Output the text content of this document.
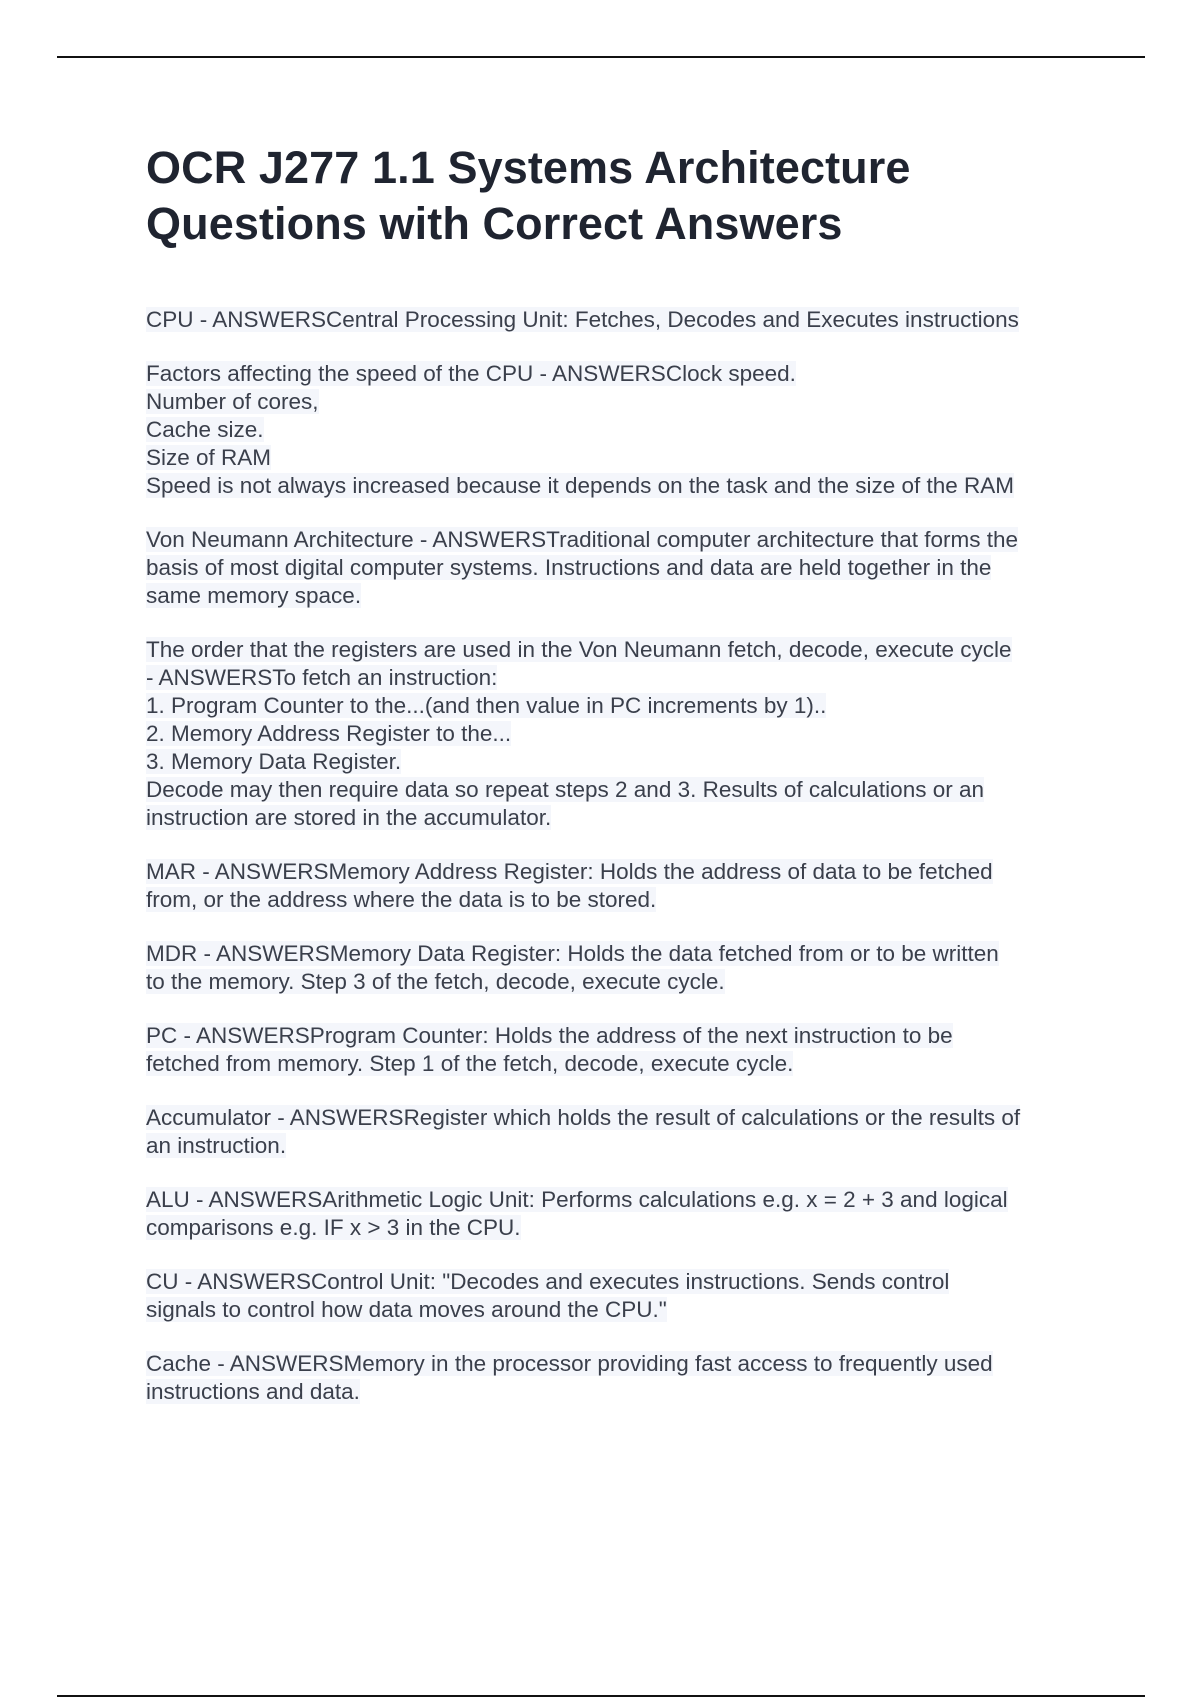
OCR J277 1.1 Systems Architecture
Questions with Correct Answers
CPU - ANSWERSCentral Processing Unit: Fetches, Decodes and Executes instructions
Factors affecting the speed of the CPU - ANSWERSClock speed.
Number of cores,
Cache size.
Size of RAM
Speed is not always increased because it depends on the task and the size of the RAM
Von Neumann Architecture - ANSWERSTraditional computer architecture that forms the
basis of most digital computer systems. Instructions and data are held together in the
same memory space.
The order that the registers are used in the Von Neumann fetch, decode, execute cycle
- ANSWERSTo fetch an instruction:
1. Program Counter to the...(and then value in PC increments by 1)..
2. Memory Address Register to the...
3. Memory Data Register.
Decode may then require data so repeat steps 2 and 3. Results of calculations or an
instruction are stored in the accumulator.
MAR - ANSWERSMemory Address Register: Holds the address of data to be fetched
from, or the address where the data is to be stored.
MDR - ANSWERSMemory Data Register: Holds the data fetched from or to be written
to the memory. Step 3 of the fetch, decode, execute cycle.
PC - ANSWERSProgram Counter: Holds the address of the next instruction to be
fetched from memory. Step 1 of the fetch, decode, execute cycle.
Accumulator - ANSWERSRegister which holds the result of calculations or the results of
an instruction.
ALU - ANSWERSArithmetic Logic Unit: Performs calculations e.g. x = 2 + 3 and logical
comparisons e.g. IF x > 3 in the CPU.
CU - ANSWERSControl Unit: "Decodes and executes instructions. Sends control
signals to control how data moves around the CPU."
Cache - ANSWERSMemory in the processor providing fast access to frequently used
instructions and data.
